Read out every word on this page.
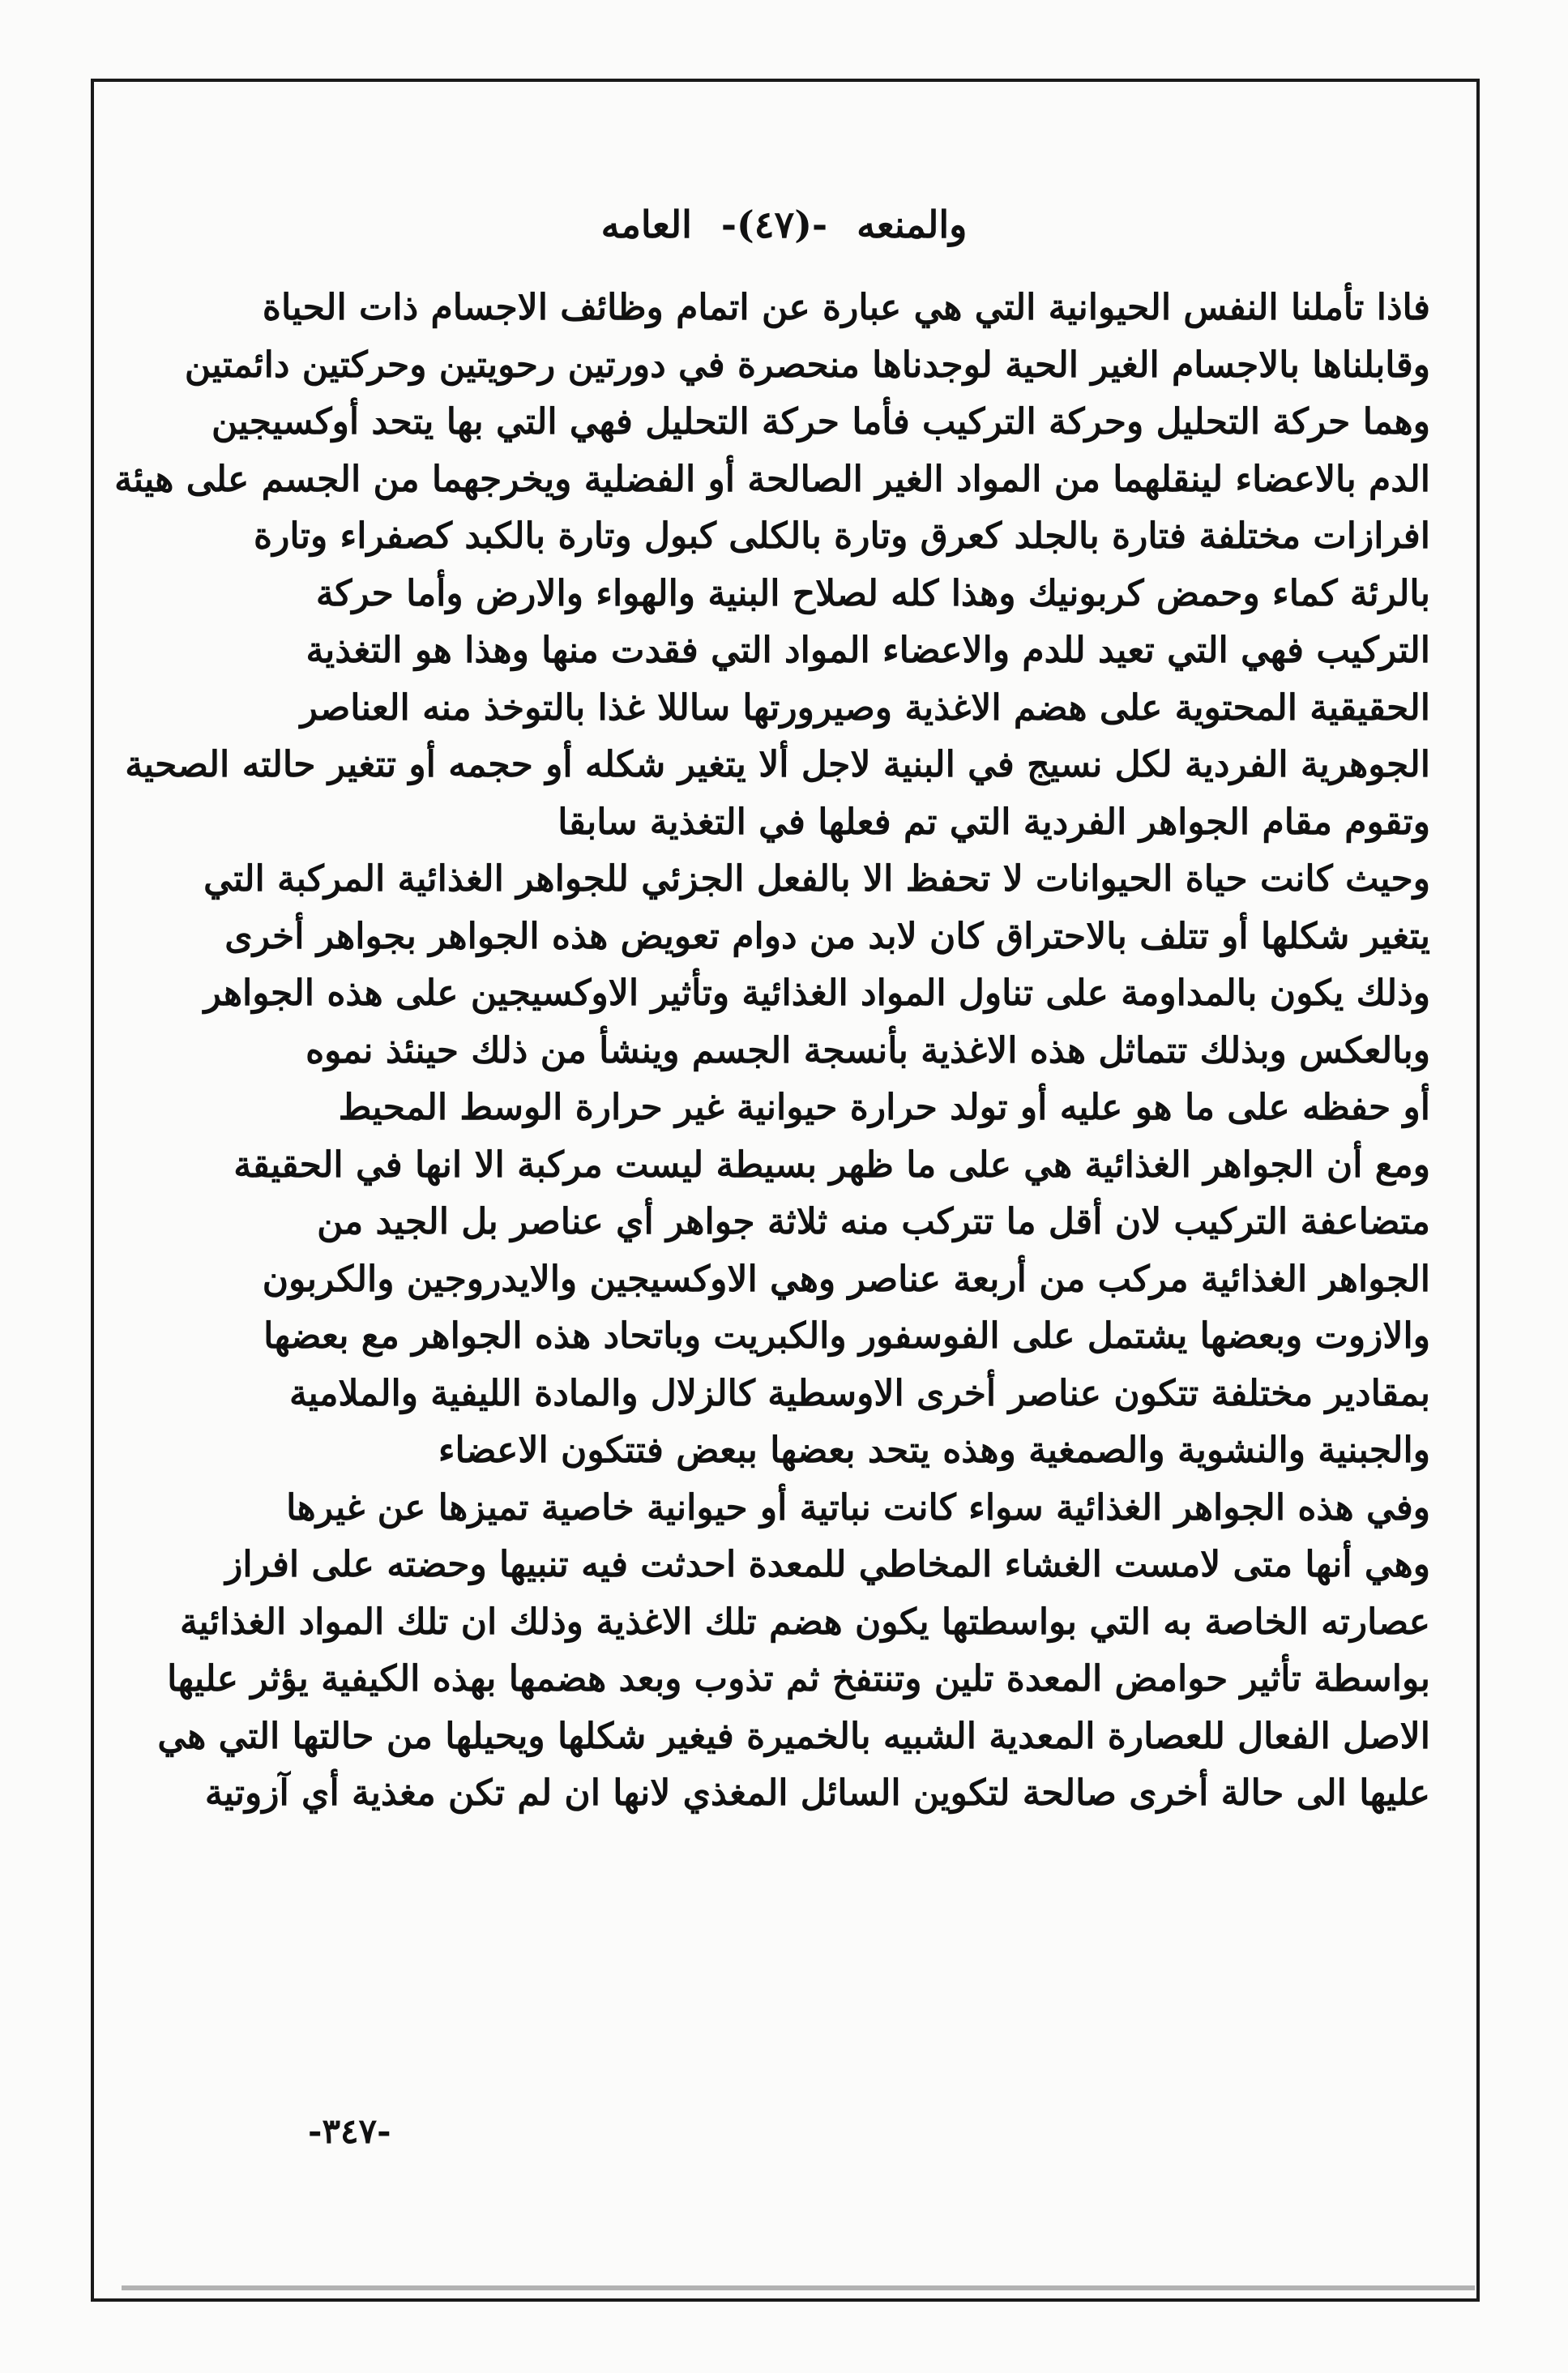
والمنعه -(٤٧)- العامه
فاذا تأملنا النفس الحيوانية التي هي عبارة عن اتمام وظائف الاجسام ذات الحياة
وقابلناها بالاجسام الغير الحية لوجدناها منحصرة في دورتين رحويتين وحركتين دائمتين
وهما حركة التحليل وحركة التركيب فأما حركة التحليل فهي التي بها يتحد أوكسيجين
الدم بالاعضاء لينقلهما من المواد الغير الصالحة أو الفضلية ويخرجهما من الجسم على هيئة
افرازات مختلفة فتارة بالجلد كعرق وتارة بالكلى كبول وتارة بالكبد كصفراء وتارة
بالرئة كماء وحمض كربونيك وهذا كله لصلاح البنية والهواء والارض وأما حركة
التركيب فهي التي تعيد للدم والاعضاء المواد التي فقدت منها وهذا هو التغذية
الحقيقية المحتوية على هضم الاغذية وصيرورتها ساللا غذا بالتوخذ منه العناصر
الجوهرية الفردية لكل نسيج في البنية لاجل ألا يتغير شكله أو حجمه أو تتغير حالته الصحية
وتقوم مقام الجواهر الفردية التي تم فعلها في التغذية سابقا
وحيث كانت حياة الحيوانات لا تحفظ الا بالفعل الجزئي للجواهر الغذائية المركبة التي
يتغير شكلها أو تتلف بالاحتراق كان لابد من دوام تعويض هذه الجواهر بجواهر أخرى
وذلك يكون بالمداومة على تناول المواد الغذائية وتأثير الاوكسيجين على هذه الجواهر
وبالعكس وبذلك تتماثل هذه الاغذية بأنسجة الجسم وينشأ من ذلك حينئذ نموه
أو حفظه على ما هو عليه أو تولد حرارة حيوانية غير حرارة الوسط المحيط
ومع أن الجواهر الغذائية هي على ما ظهر بسيطة ليست مركبة الا انها في الحقيقة
متضاعفة التركيب لان أقل ما تتركب منه ثلاثة جواهر أي عناصر بل الجيد من
الجواهر الغذائية مركب من أربعة عناصر وهي الاوكسيجين والايدروجين والكربون
والازوت وبعضها يشتمل على الفوسفور والكبريت وباتحاد هذه الجواهر مع بعضها
بمقادير مختلفة تتكون عناصر أخرى الاوسطية كالزلال والمادة الليفية والملامية
والجبنية والنشوية والصمغية وهذه يتحد بعضها ببعض فتتكون الاعضاء
وفي هذه الجواهر الغذائية سواء كانت نباتية أو حيوانية خاصية تميزها عن غيرها
وهي أنها متى لامست الغشاء المخاطي للمعدة احدثت فيه تنبيها وحضته على افراز
عصارته الخاصة به التي بواسطتها يكون هضم تلك الاغذية وذلك ان تلك المواد الغذائية
بواسطة تأثير حوامض المعدة تلين وتنتفخ ثم تذوب وبعد هضمها بهذه الكيفية يؤثر عليها
الاصل الفعال للعصارة المعدية الشبيه بالخميرة فيغير شكلها ويحيلها من حالتها التي هي
عليها الى حالة أخرى صالحة لتكوين السائل المغذي لانها ان لم تكن مغذية أي آزوتية
-٣٤٧-
